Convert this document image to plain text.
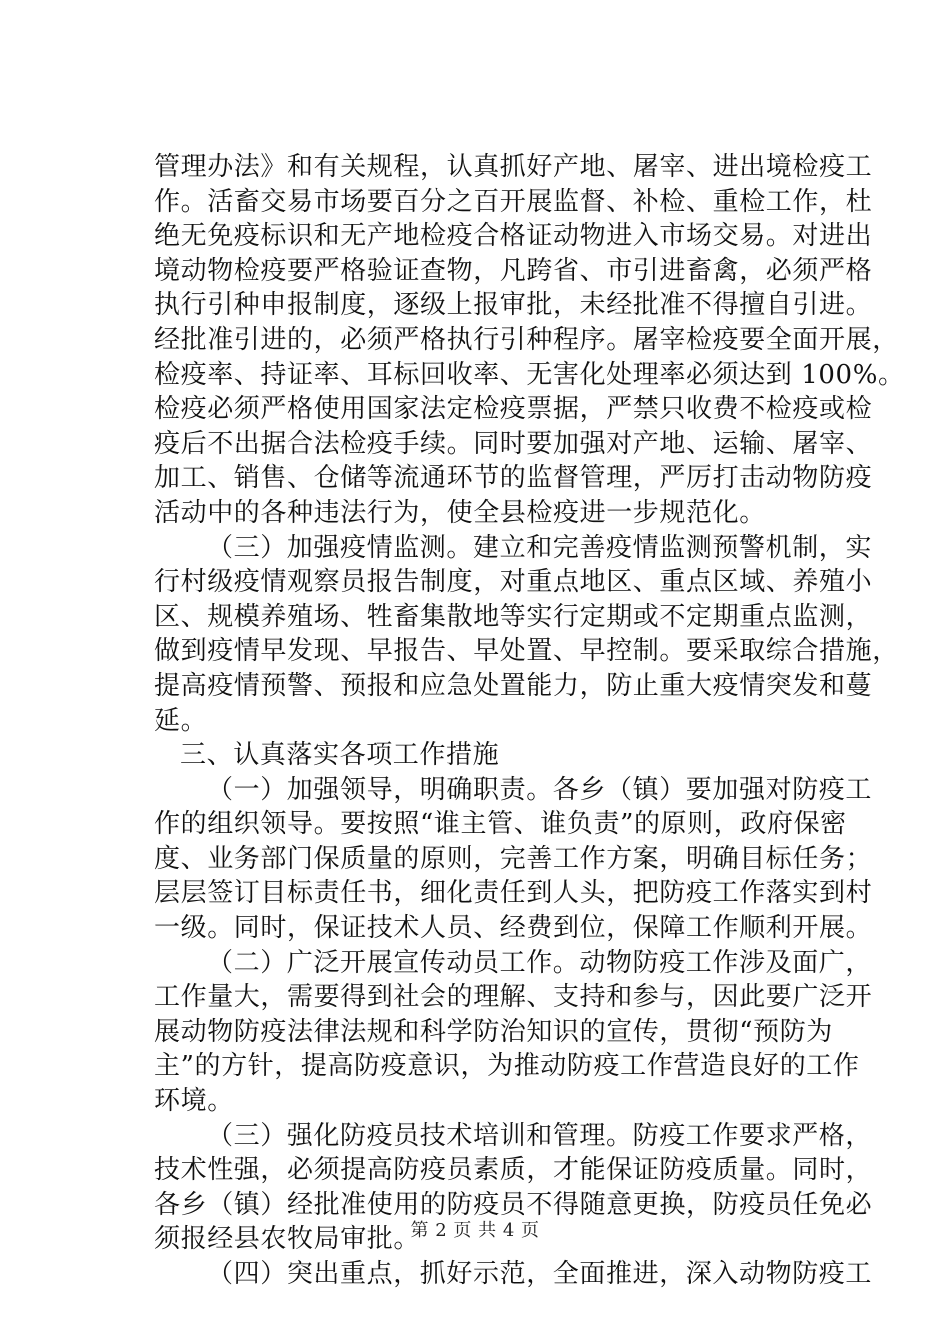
管理办法》和有关规程，认真抓好产地、屠宰、进出境检疫工
作。活畜交易市场要百分之百开展监督、补检、重检工作，杜
绝无免疫标识和无产地检疫合格证动物进入市场交易。对进出
境动物检疫要严格验证查物，凡跨省、市引进畜禽，必须严格
执行引种申报制度，逐级上报审批，未经批准不得擅自引进。
经批准引进的，必须严格执行引种程序。屠宰检疫要全面开展，
检疫率、持证率、耳标回收率、无害化处理率必须达到 100%。
检疫必须严格使用国家法定检疫票据，严禁只收费不检疫或检
疫后不出据合法检疫手续。同时要加强对产地、运输、屠宰、
加工、销售、仓储等流通环节的监督管理，严厉打击动物防疫
活动中的各种违法行为，使全县检疫进一步规范化。
（三）加强疫情监测。建立和完善疫情监测预警机制，实
行村级疫情观察员报告制度，对重点地区、重点区域、养殖小
区、规模养殖场、牲畜集散地等实行定期或不定期重点监测，
做到疫情早发现、早报告、早处置、早控制。要采取综合措施，
提高疫情预警、预报和应急处置能力，防止重大疫情突发和蔓
延。
三、认真落实各项工作措施
（一）加强领导，明确职责。各乡（镇）要加强对防疫工
作的组织领导。要按照“谁主管、谁负责”的原则，政府保密
度、业务部门保质量的原则，完善工作方案，明确目标任务；
层层签订目标责任书，细化责任到人头，把防疫工作落实到村
一级。同时，保证技术人员、经费到位，保障工作顺利开展。
（二）广泛开展宣传动员工作。动物防疫工作涉及面广，
工作量大，需要得到社会的理解、支持和参与，因此要广泛开
展动物防疫法律法规和科学防治知识的宣传，贯彻“预防为
主”的方针，提高防疫意识，为推动防疫工作营造良好的工作
环境。
（三）强化防疫员技术培训和管理。防疫工作要求严格，
技术性强，必须提高防疫员素质，才能保证防疫质量。同时，
各乡（镇）经批准使用的防疫员不得随意更换，防疫员任免必
须报经县农牧局审批。
（四）突出重点，抓好示范，全面推进，深入动物防疫工
第 2 页 共 4 页
